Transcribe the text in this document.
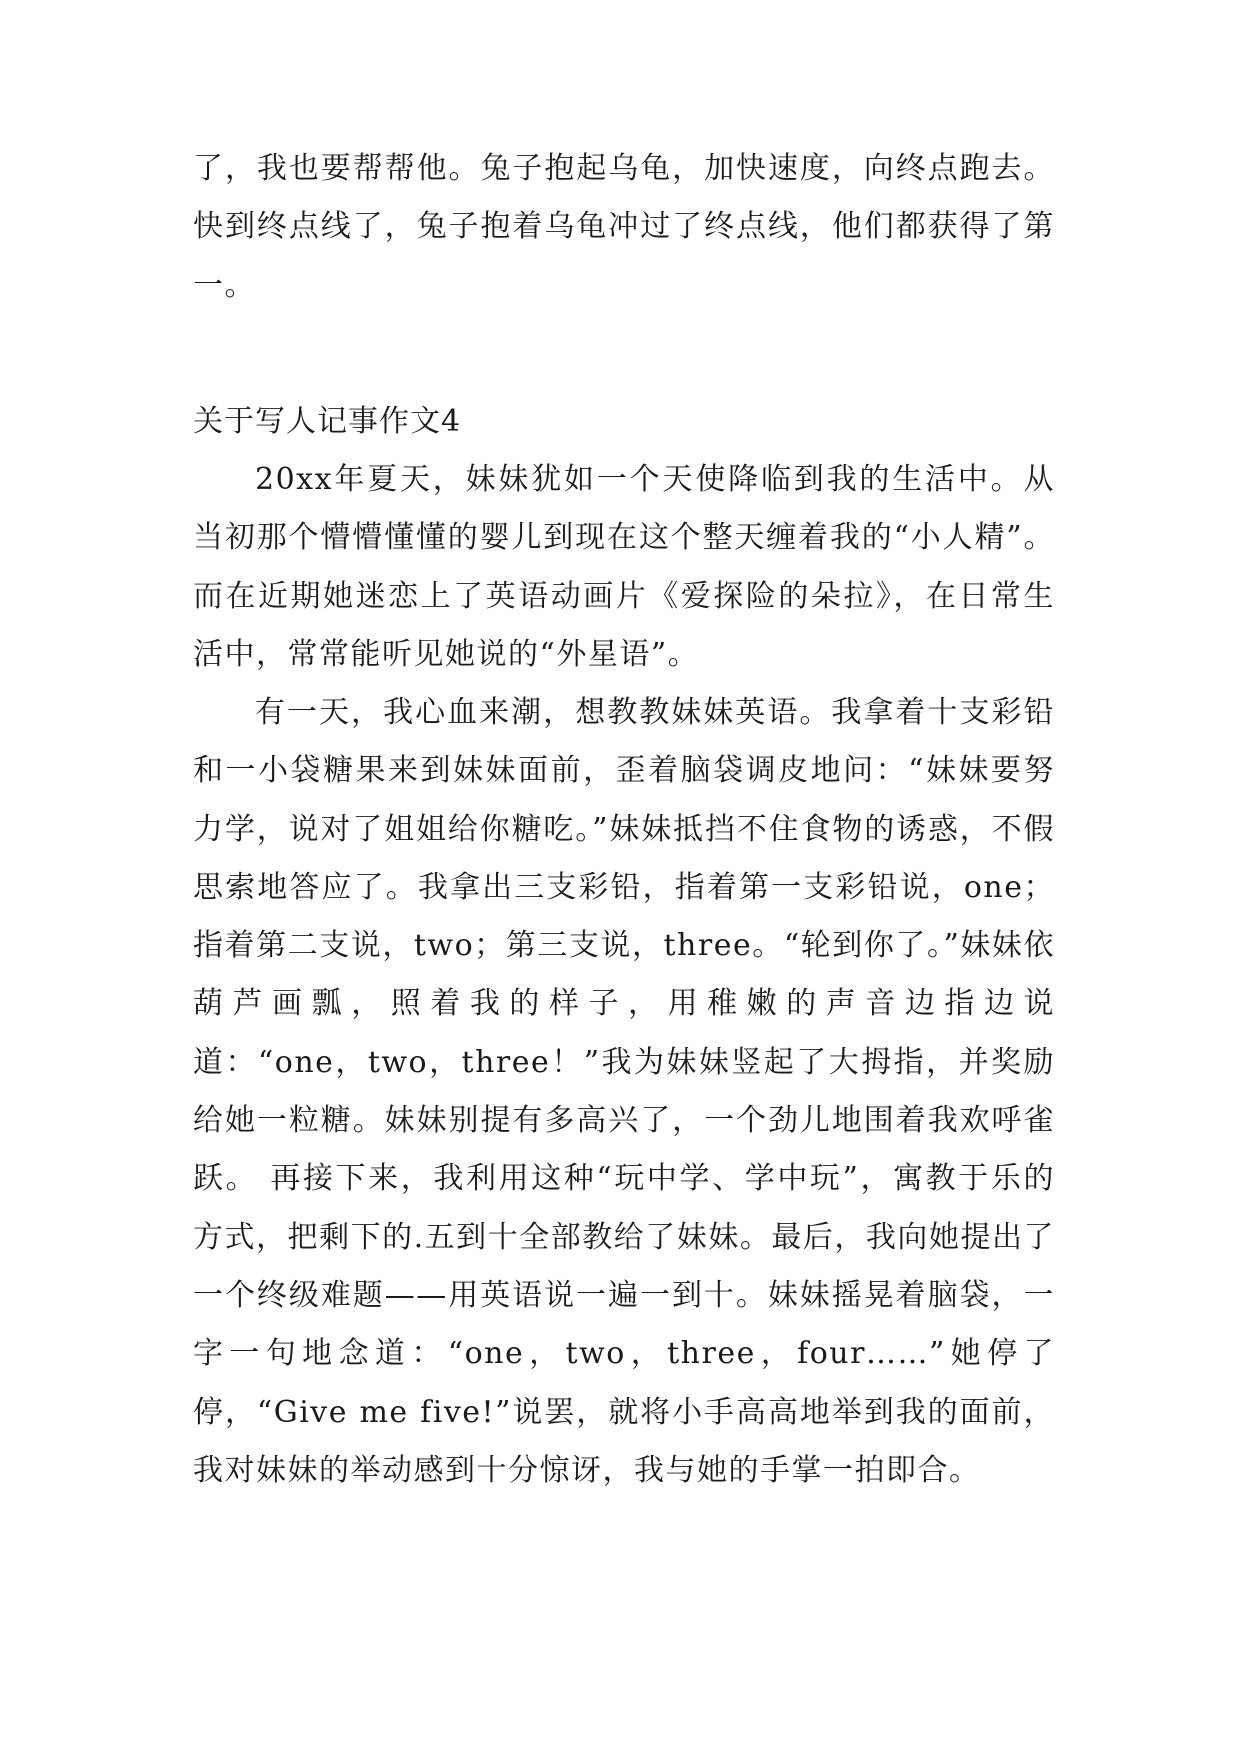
了，我也要帮帮他。兔子抱起乌龟，加快速度，向终点跑去。快到终点线了，兔子抱着乌龟冲过了终点线，他们都获得了第一。

关于写人记事作文4

20xx年夏天，妹妹犹如一个天使降临到我的生活中。从当初那个懵懵懂懂的婴儿到现在这个整天缠着我的“小人精”。而在近期她迷恋上了英语动画片《爱探险的朵拉》，在日常生活中，常常能听见她说的“外星语”。

有一天，我心血来潮，想教教妹妹英语。我拿着十支彩铅和一小袋糖果来到妹妹面前，歪着脑袋调皮地问：“妹妹要努力学，说对了姐姐给你糖吃。”妹妹抵挡不住食物的诱惑，不假思索地答应了。我拿出三支彩铅，指着第一支彩铅说，one；指着第二支说，two；第三支说，three。“轮到你了。”妹妹依葫芦画瓢，照着我的样子，用稚嫩的声音边指边说道：“one，two，three！”我为妹妹竖起了大拇指，并奖励给她一粒糖。妹妹别提有多高兴了，一个劲儿地围着我欢呼雀跃。 再接下来，我利用这种“玩中学、学中玩”，寓教于乐的方式，把剩下的.五到十全部教给了妹妹。最后，我向她提出了一个终级难题——用英语说一遍一到十。妹妹摇晃着脑袋，一字一句地念道：“one，two，three，four……”她停了停，“Give me five!”说罢，就将小手高高地举到我的面前，我对妹妹的举动感到十分惊讶，我与她的手掌一拍即合。
